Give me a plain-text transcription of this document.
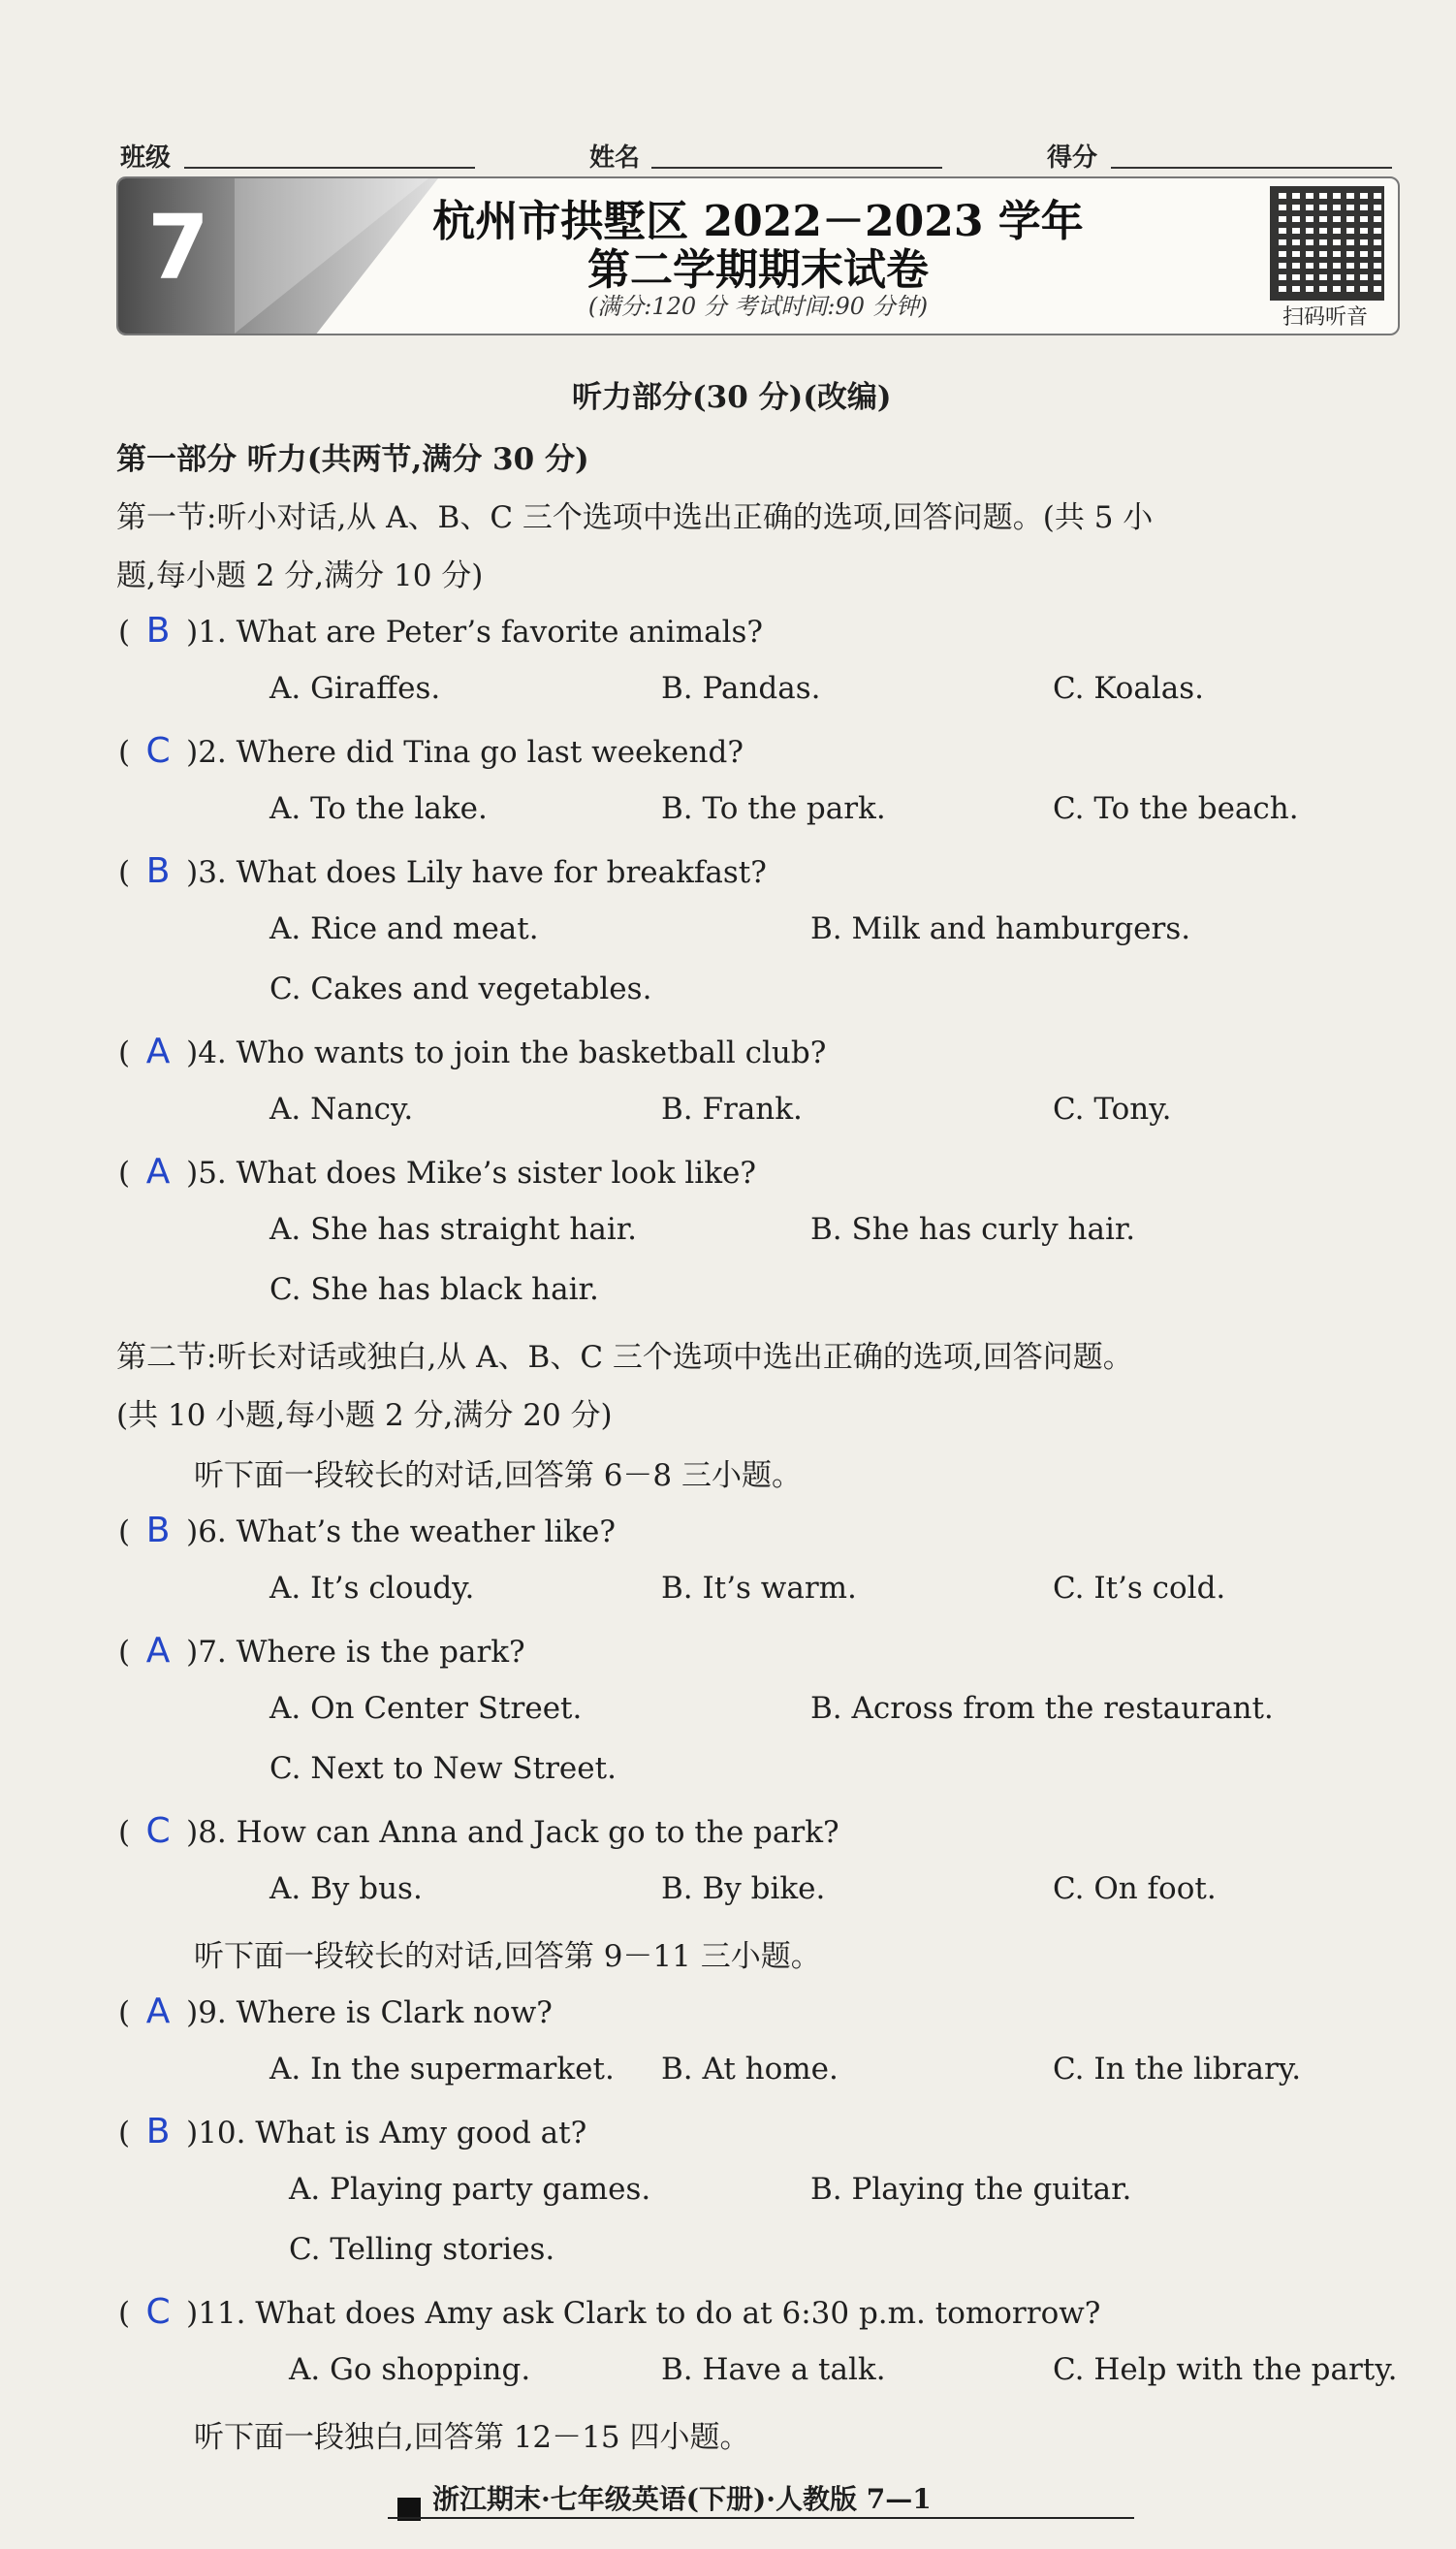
班级	姓名	得分
7	杭州市拱墅区 2022－2023 学年
第二学期期末试卷
(满分:120 分 考试时间:90 分钟)	扫码听音
听力部分(30 分)(改编)
第一部分 听力(共两节,满分 30 分)
第一节:听小对话,从 A、B、C 三个选项中选出正确的选项,回答问题。(共 5 小
题,每小题 2 分,满分 10 分)
( B )1. What are Peter’s favorite animals?
A. Giraffes.	B. Pandas.	C. Koalas.
( C )2. Where did Tina go last weekend?
A. To the lake.	B. To the park.	C. To the beach.
( B )3. What does Lily have for breakfast?
A. Rice and meat.	B. Milk and hamburgers.
C. Cakes and vegetables.
( A )4. Who wants to join the basketball club?
A. Nancy.	B. Frank.	C. Tony.
( A )5. What does Mike’s sister look like?
A. She has straight hair.	B. She has curly hair.
C. She has black hair.
第二节:听长对话或独白,从 A、B、C 三个选项中选出正确的选项,回答问题。
(共 10 小题,每小题 2 分,满分 20 分)
听下面一段较长的对话,回答第 6－8 三小题。
( B )6. What’s the weather like?
A. It’s cloudy.	B. It’s warm.	C. It’s cold.
( A )7. Where is the park?
A. On Center Street.	B. Across from the restaurant.
C. Next to New Street.
( C )8. How can Anna and Jack go to the park?
A. By bus.	B. By bike.	C. On foot.
听下面一段较长的对话,回答第 9－11 三小题。
( A )9. Where is Clark now?
A. In the supermarket. B. At home.	C. In the library.
( B )10. What is Amy good at?
A. Playing party games.	B. Playing the guitar.
C. Telling stories.
( C )11. What does Amy ask Clark to do at 6:30 p.m. tomorrow?
A. Go shopping.	B. Have a talk.	C. Help with the party.
听下面一段独白,回答第 12－15 四小题。
浙江期末·七年级英语(下册)·人教版 7—1
